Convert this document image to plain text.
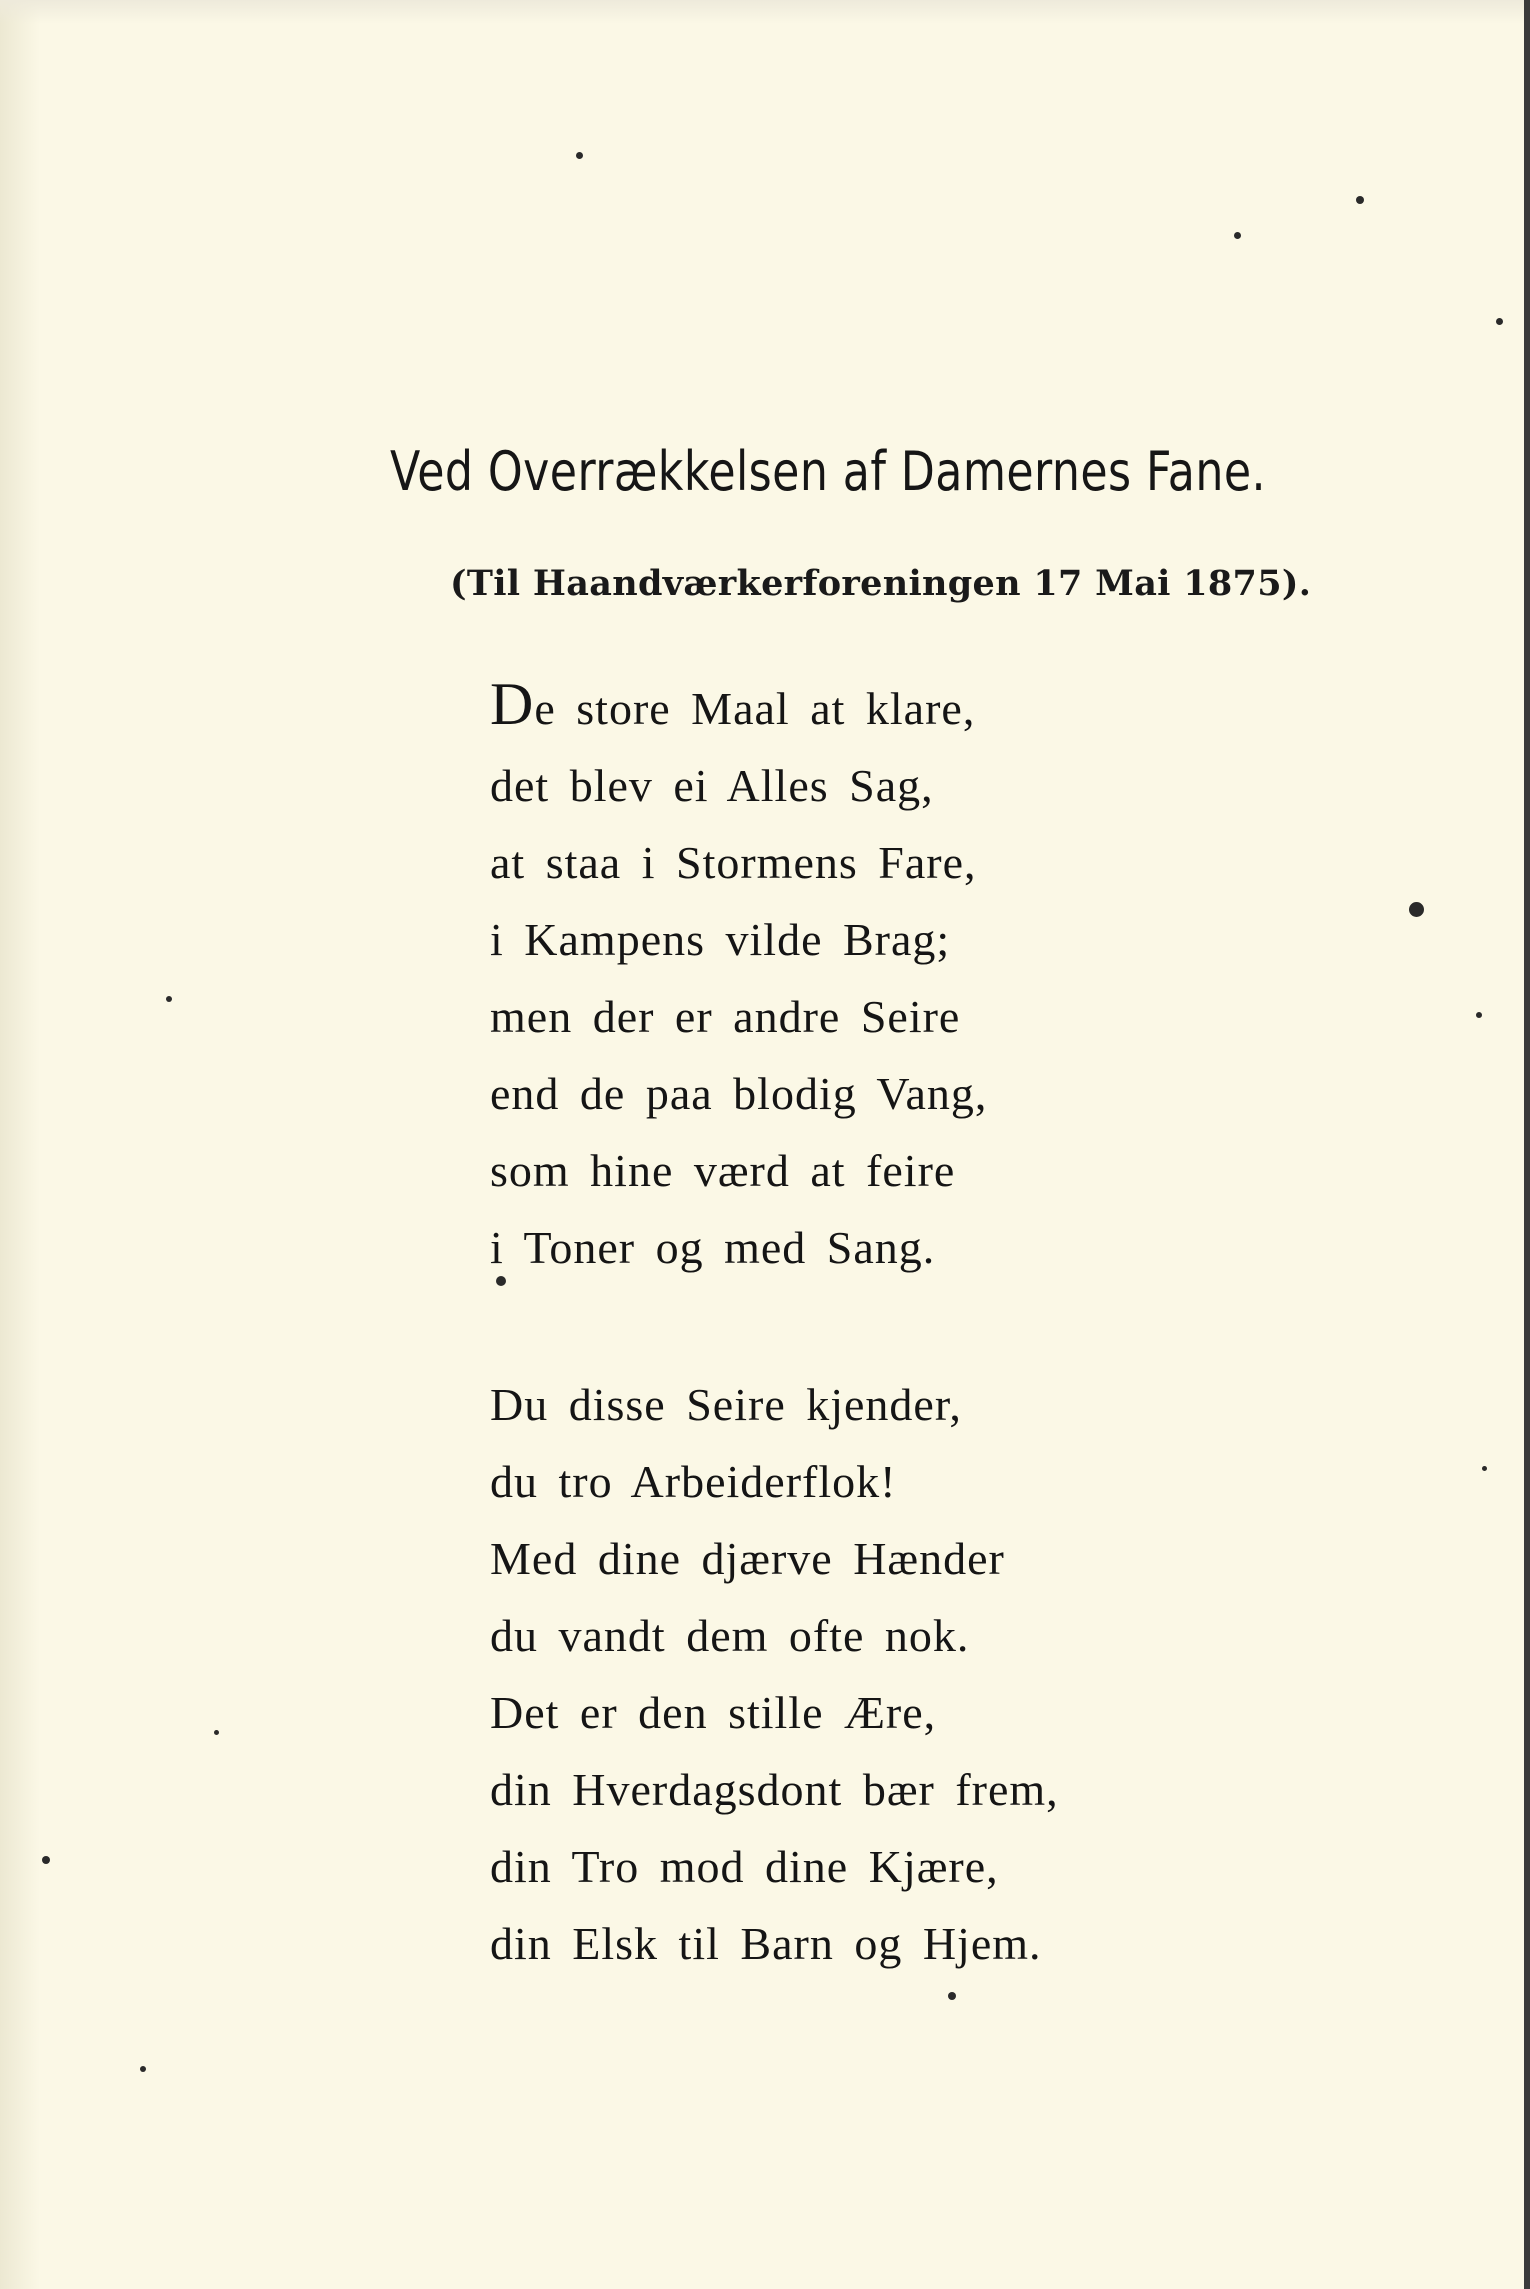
Ved Overrækkelsen af Damernes Fane.
(Til Haandværkerforeningen 17 Mai 1875).
De store Maal at klare,
det blev ei Alles Sag,
at staa i Stormens Fare,
i Kampens vilde Brag;
men der er andre Seire
end de paa blodig Vang,
som hine værd at feire
i Toner og med Sang.
Du disse Seire kjender,
du tro Arbeiderflok!
Med dine djærve Hænder
du vandt dem ofte nok.
Det er den stille Ære,
din Hverdagsdont bær frem,
din Tro mod dine Kjære,
din Elsk til Barn og Hjem.
